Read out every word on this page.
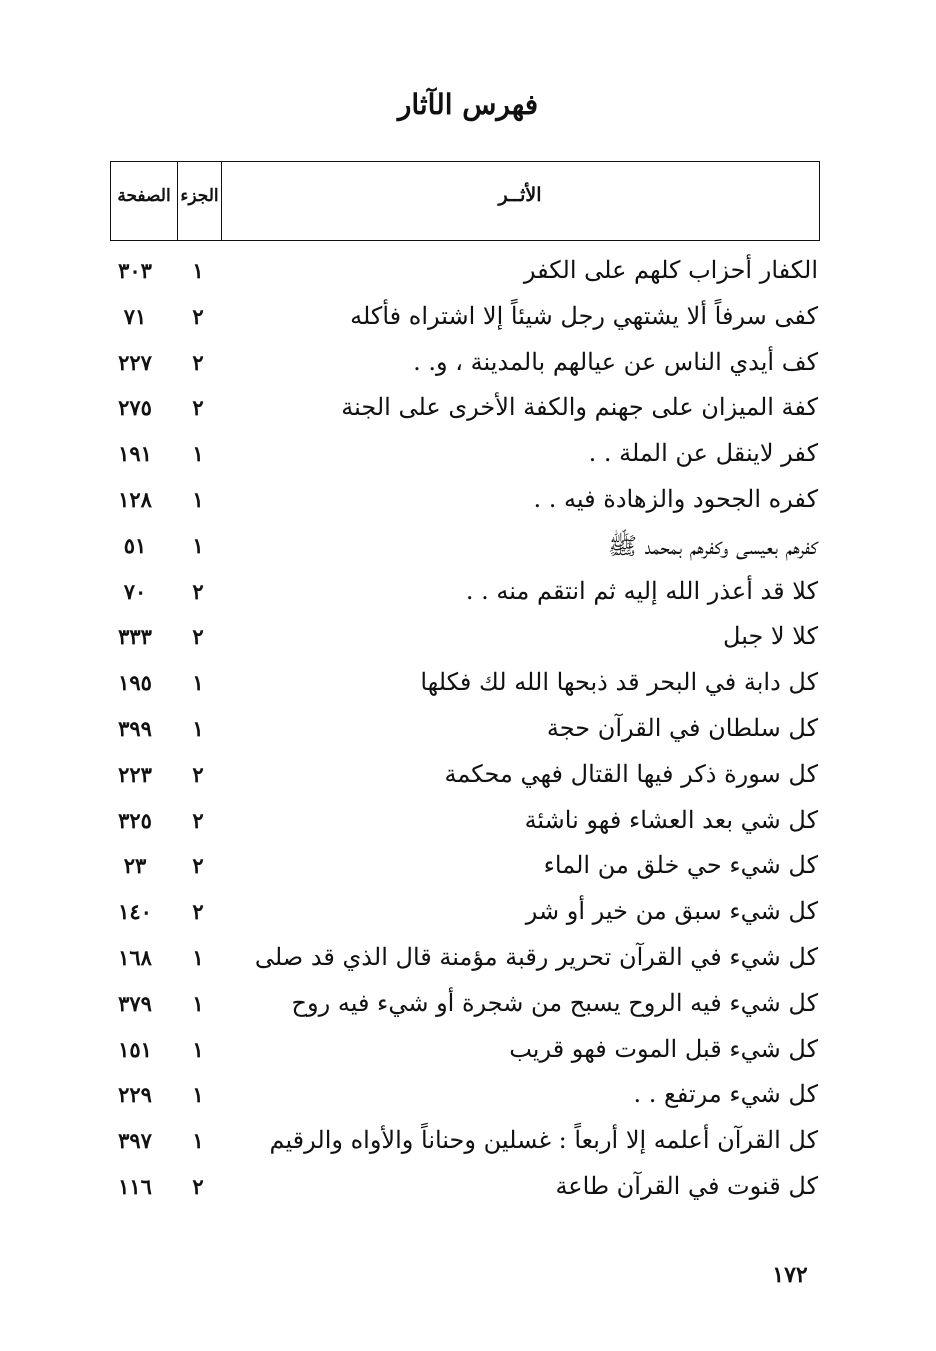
فهرس الآثار
الأثــر
الجزء
الصفحة
الكفار أحزاب كلهم على الكفر
١
٣٠٣
كفى سرفاً ألا يشتهي رجل شيئاً إلا اشتراه فأكله
٢
٧١
كف أيدي الناس عن عيالهم بالمدينة ، و. .
٢
٢٢٧
كفة الميزان على جهنم والكفة الأخرى على الجنة
٢
٢٧٥
كفر لاينقل عن الملة . .
١
١٩١
كفره الجحود والزهادة فيه . .
١
١٢٨
كفرهم بعيسى وكفرهم بمحمد ﷺ
١
٥١
كلا قد أعذر الله إليه ثم انتقم منه . .
٢
٧٠
كلا لا جبل
٢
٣٣٣
كل دابة في البحر قد ذبحها الله لك فكلها
١
١٩٥
كل سلطان في القرآن حجة
١
٣٩٩
كل سورة ذكر فيها القتال فهي محكمة
٢
٢٢٣
كل شي بعد العشاء فهو ناشئة
٢
٣٢٥
كل شيء حي خلق من الماء
٢
٢٣
كل شيء سبق من خير أو شر
٢
١٤٠
كل شيء في القرآن تحرير رقبة مؤمنة قال الذي قد صلى
١
١٦٨
كل شيء فيه الروح يسبح من شجرة أو شيء فيه روح
١
٣٧٩
كل شيء قبل الموت فهو قريب
١
١٥١
كل شيء مرتفع . .
١
٢٢٩
كل القرآن أعلمه إلا أربعاً : غسلين وحناناً والأواه والرقيم
١
٣٩٧
كل قنوت في القرآن طاعة
٢
١١٦
١٧٢
